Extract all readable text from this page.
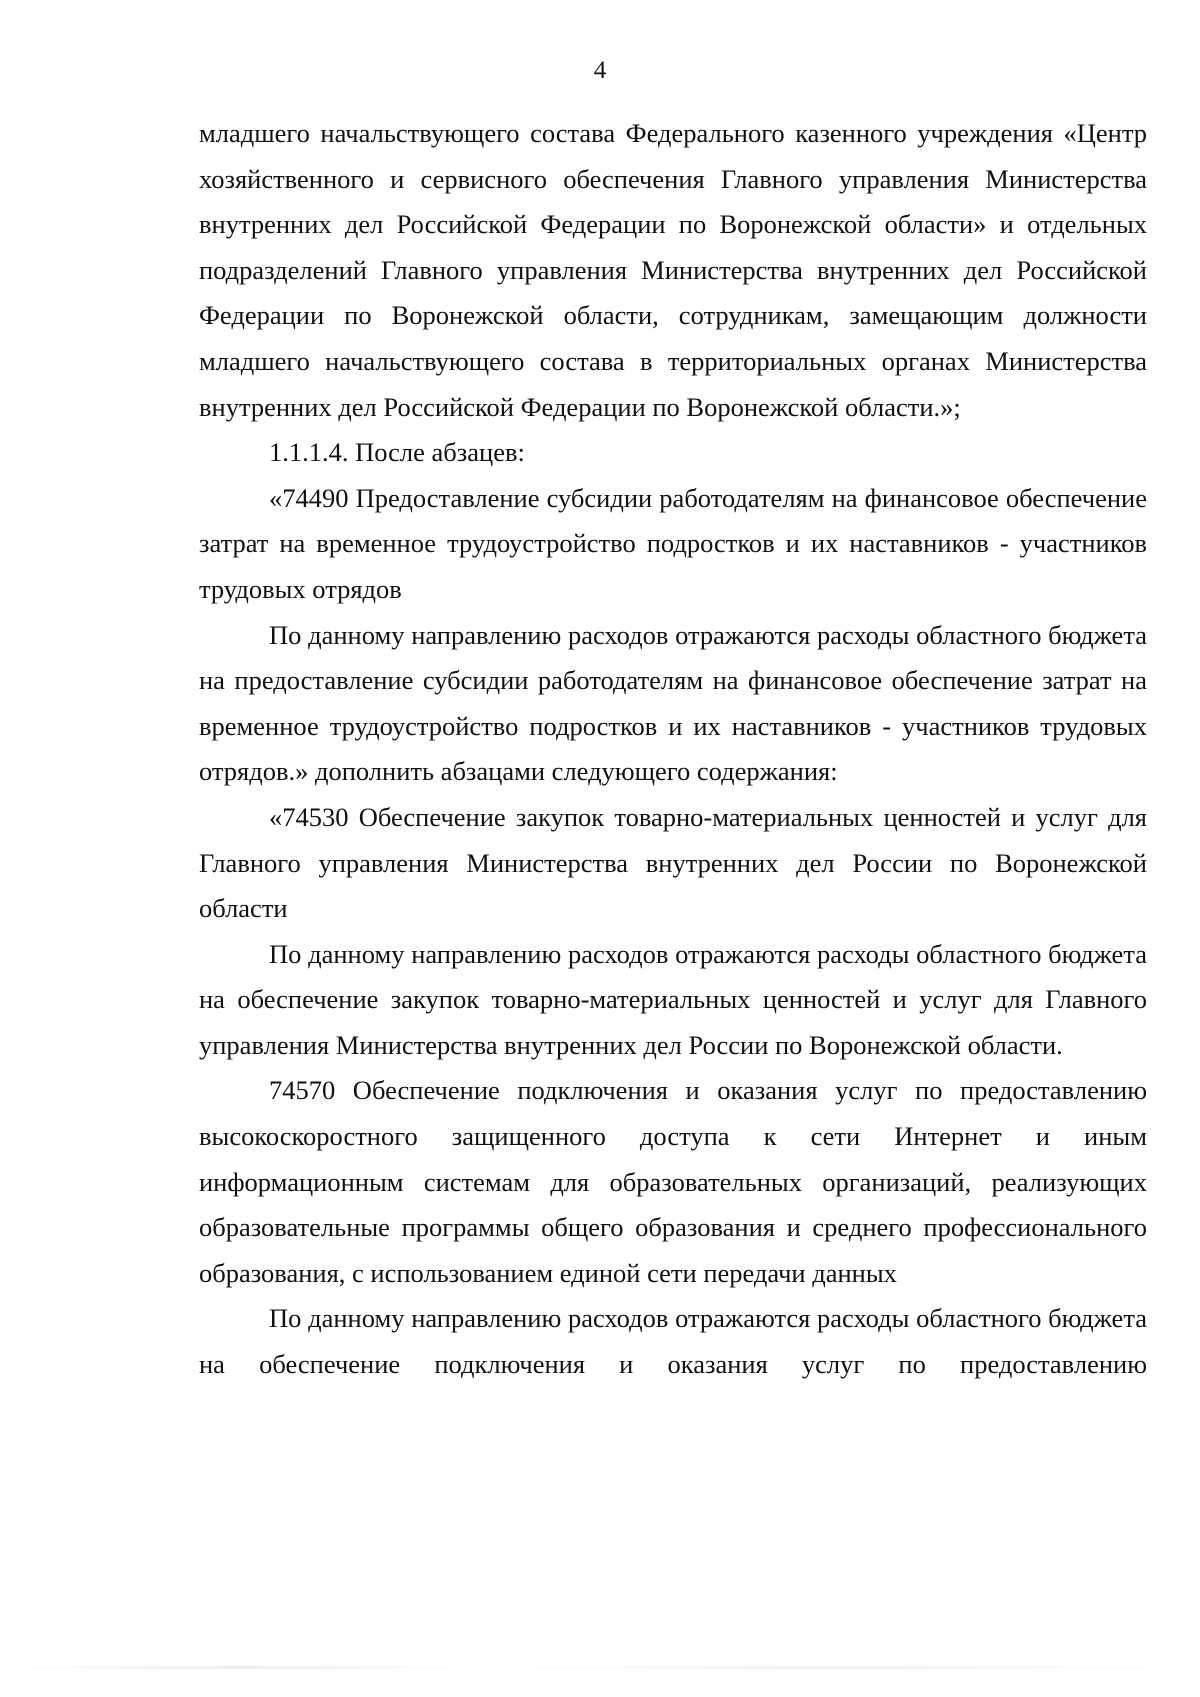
4

младшего начальствующего состава Федерального казенного учреждения «Центр хозяйственного и сервисного обеспечения Главного управления Министерства внутренних дел Российской Федерации по Воронежской области» и отдельных подразделений Главного управления Министерства внутренних дел Российской Федерации по Воронежской области, сотрудникам, замещающим должности младшего начальствующего состава в территориальных органах Министерства внутренних дел Российской Федерации по Воронежской области.»;

1.1.1.4. После абзацев:

«74490 Предоставление субсидии работодателям на финансовое обеспечение затрат на временное трудоустройство подростков и их наставников - участников трудовых отрядов

По данному направлению расходов отражаются расходы областного бюджета на предоставление субсидии работодателям на финансовое обеспечение затрат на временное трудоустройство подростков и их наставников - участников трудовых отрядов.» дополнить абзацами следующего содержания:

«74530 Обеспечение закупок товарно-материальных ценностей и услуг для Главного управления Министерства внутренних дел России по Воронежской области

По данному направлению расходов отражаются расходы областного бюджета на обеспечение закупок товарно-материальных ценностей и услуг для Главного управления Министерства внутренних дел России по Воронежской области.

74570 Обеспечение подключения и оказания услуг по предоставлению высокоскоростного защищенного доступа к сети Интернет и иным информационным системам для образовательных организаций, реализующих образовательные программы общего образования и среднего профессионального образования, с использованием единой сети передачи данных

По данному направлению расходов отражаются расходы областного бюджета на обеспечение подключения и оказания услуг по предоставлению
